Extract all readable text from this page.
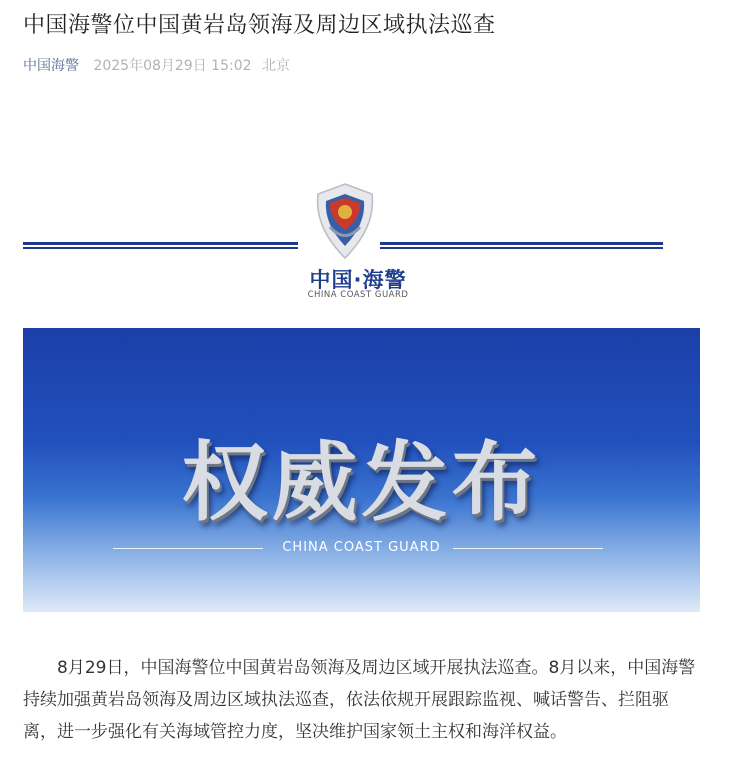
中国海警位中国黄岩岛领海及周边区域执法巡查
中国海警 2025年08月29日 15:02 北京
中国·海警
CHINA COAST GUARD
权威发布
CHINA COAST GUARD

8月29日，中国海警位中国黄岩岛领海及周边区域开展执法巡查。8月以来，中国海警持续加强黄岩岛领海及周边区域执法巡查，依法依规开展跟踪监视、喊话警告、拦阻驱离，进一步强化有关海域管控力度，坚决维护国家领土主权和海洋权益。
